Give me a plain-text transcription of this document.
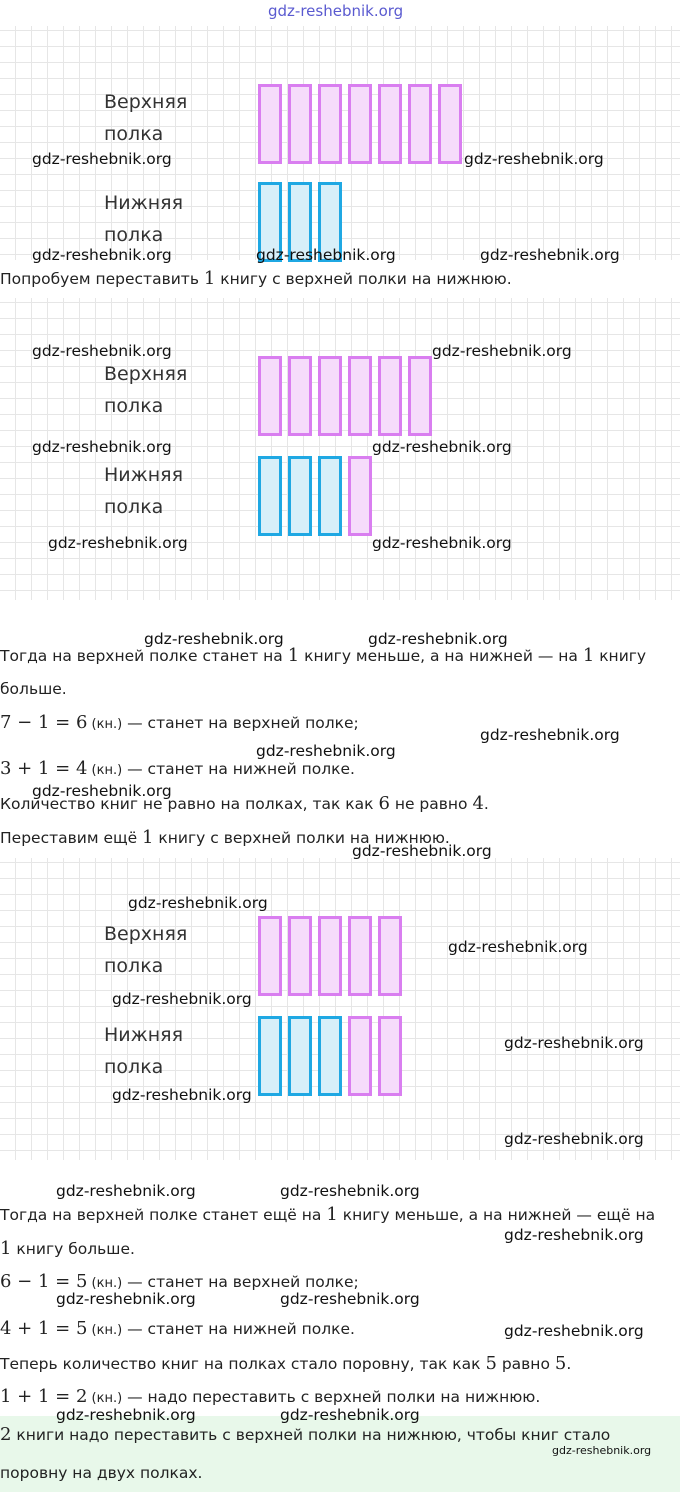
gdz-reshebnik.org
Верхняя
полка
Нижняя
полка
Попробуем переставить 1 книгу с верхней полки на нижнюю.
Верхняя
полка
Нижняя
полка
Тогда на верхней полке станет на 1 книгу меньше, а на нижней — на 1 книгу
больше.
7 − 1 = 6 (кн.) — станет на верхней полке;
3 + 1 = 4 (кн.) — станет на нижней полке.
Количество книг не равно на полках, так как 6 не равно 4.
Переставим ещё 1 книгу с верхней полки на нижнюю.
Верхняя
полка
Нижняя
полка
Тогда на верхней полке станет ещё на 1 книгу меньше, а на нижней — ещё на
1 книгу больше.
6 − 1 = 5 (кн.) — станет на верхней полке;
4 + 1 = 5 (кн.) — станет на нижней полке.
Теперь количество книг на полках стало поровну, так как 5 равно 5.
1 + 1 = 2 (кн.) — надо переставить с верхней полки на нижнюю.
2 книги надо переставить с верхней полки на нижнюю, чтобы книг стало
поровну на двух полках.
gdz-reshebnik.org	gdz-reshebnik.org
gdz-reshebnik.org	gdz-reshebnik.org	gdz-reshebnik.org
gdz-reshebnik.org	gdz-reshebnik.org
gdz-reshebnik.org	gdz-reshebnik.org
gdz-reshebnik.org	gdz-reshebnik.org
gdz-reshebnik.org	gdz-reshebnik.org
gdz-reshebnik.org
gdz-reshebnik.org
gdz-reshebnik.org
gdz-reshebnik.org
gdz-reshebnik.org
gdz-reshebnik.org
gdz-reshebnik.org
gdz-reshebnik.org
gdz-reshebnik.org
gdz-reshebnik.org
gdz-reshebnik.org	gdz-reshebnik.org
gdz-reshebnik.org
gdz-reshebnik.org	gdz-reshebnik.org
gdz-reshebnik.org
gdz-reshebnik.org	gdz-reshebnik.org
gdz-reshebnik.org
